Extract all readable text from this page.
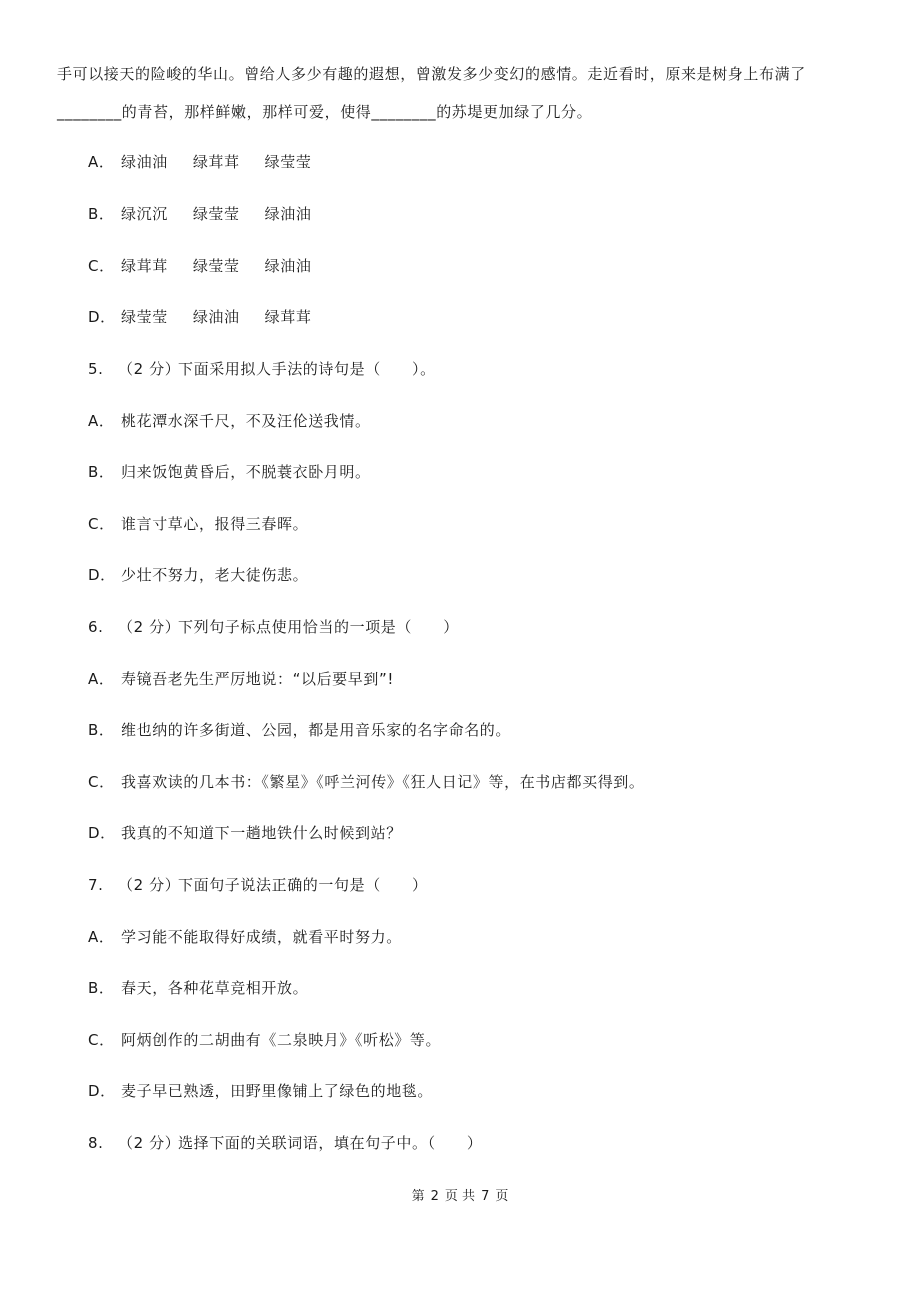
手可以接天的险峻的华山。曾给人多少有趣的遐想，曾激发多少变幻的感情。走近看时，原来是树身上布满了
________的青苔，那样鲜嫩，那样可爱，使得________的苏堤更加绿了几分。
A． 绿油油 绿茸茸 绿莹莹
B． 绿沉沉 绿莹莹 绿油油
C． 绿茸茸 绿莹莹 绿油油
D． 绿莹莹 绿油油 绿茸茸
5. （2 分）下面采用拟人手法的诗句是（　　）。
A． 桃花潭水深千尺，不及汪伦送我情。
B． 归来饭饱黄昏后，不脱蓑衣卧月明。
C． 谁言寸草心，报得三春晖。
D． 少壮不努力，老大徒伤悲。
6. （2 分）下列句子标点使用恰当的一项是（　　）
A． 寿镜吾老先生严厉地说：“以后要早到”!
B． 维也纳的许多街道、公园，都是用音乐家的名字命名的。
C． 我喜欢读的几本书：《繁星》《呼兰河传》《狂人日记》等，在书店都买得到。
D． 我真的不知道下一趟地铁什么时候到站？
7. （2 分）下面句子说法正确的一句是（　　）
A． 学习能不能取得好成绩，就看平时努力。
B． 春天，各种花草竞相开放。
C． 阿炳创作的二胡曲有《二泉映月》《听松》等。
D． 麦子早已熟透，田野里像铺上了绿色的地毯。
8. （2 分）选择下面的关联词语，填在句子中。（　　）
第 2 页 共 7 页
